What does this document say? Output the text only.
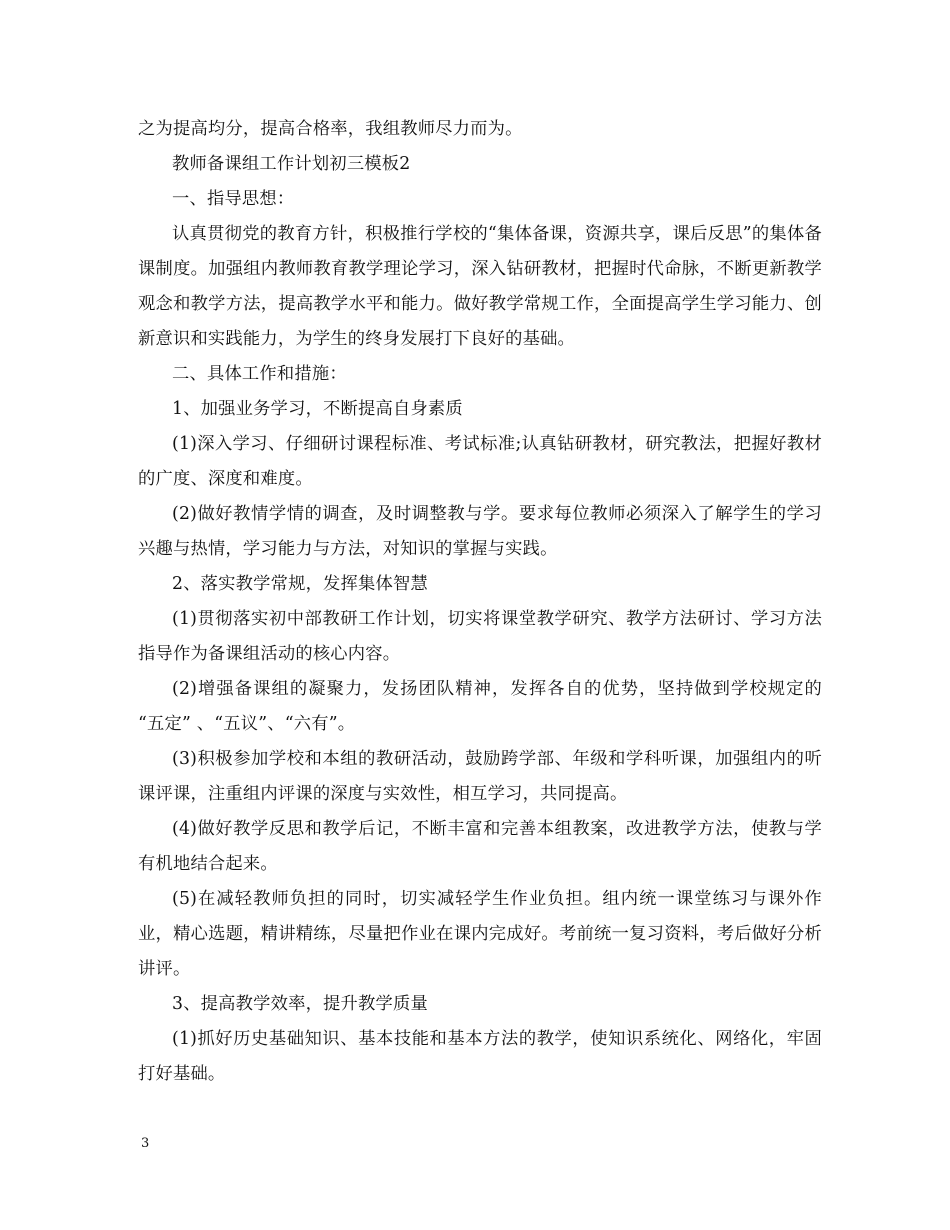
之为提高均分，提高合格率，我组教师尽力而为。

教师备课组工作计划初三模板2

一、指导思想：

认真贯彻党的教育方针，积极推行学校的“集体备课，资源共享，课后反思”的集体备课制度。加强组内教师教育教学理论学习，深入钻研教材，把握时代命脉，不断更新教学观念和教学方法，提高教学水平和能力。做好教学常规工作，全面提高学生学习能力、创新意识和实践能力，为学生的终身发展打下良好的基础。

二、具体工作和措施：

1、加强业务学习，不断提高自身素质

(1)深入学习、仔细研讨课程标准、考试标准;认真钻研教材，研究教法，把握好教材的广度、深度和难度。

(2)做好教情学情的调查，及时调整教与学。要求每位教师必须深入了解学生的学习兴趣与热情，学习能力与方法，对知识的掌握与实践。

2、落实教学常规，发挥集体智慧

(1)贯彻落实初中部教研工作计划，切实将课堂教学研究、教学方法研讨、学习方法指导作为备课组活动的核心内容。

(2)增强备课组的凝聚力，发扬团队精神，发挥各自的优势，坚持做到学校规定的 “五定” 、“五议”、“六有”。

(3)积极参加学校和本组的教研活动，鼓励跨学部、年级和学科听课，加强组内的听课评课，注重组内评课的深度与实效性，相互学习，共同提高。

(4)做好教学反思和教学后记，不断丰富和完善本组教案，改进教学方法，使教与学有机地结合起来。

(5)在减轻教师负担的同时，切实减轻学生作业负担。组内统一课堂练习与课外作业，精心选题，精讲精练，尽量把作业在课内完成好。考前统一复习资料，考后做好分析讲评。

3、提高教学效率，提升教学质量

(1)抓好历史基础知识、基本技能和基本方法的教学，使知识系统化、网络化，牢固打好基础。

3
